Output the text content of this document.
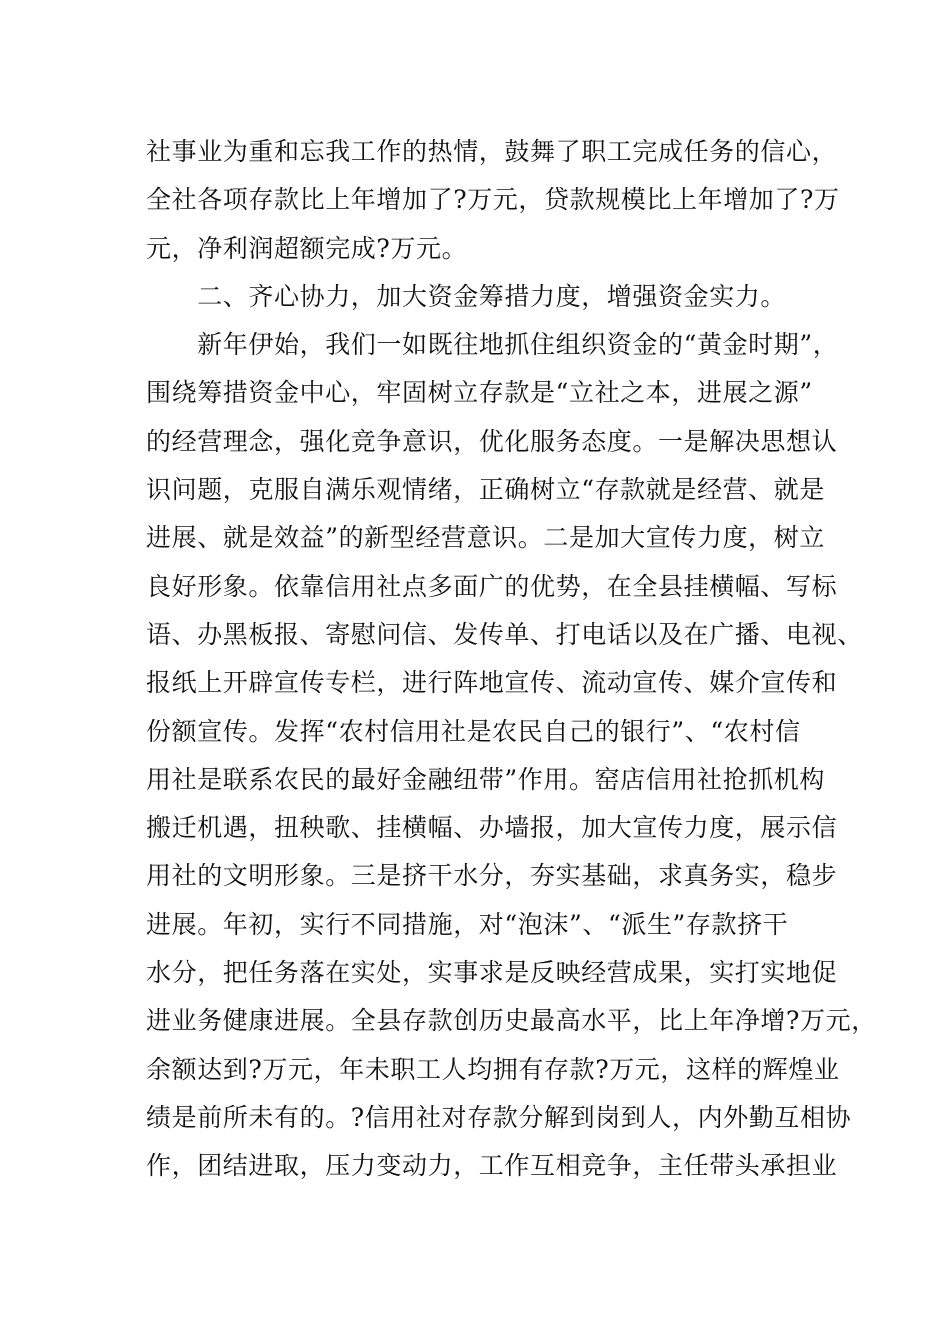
社事业为重和忘我工作的热情，鼓舞了职工完成任务的信心，
全社各项存款比上年增加了?万元，贷款规模比上年增加了?万
元，净利润超额完成?万元。
　　二、齐心协力，加大资金筹措力度，增强资金实力。
　　新年伊始，我们一如既往地抓住组织资金的“黄金时期”，
围绕筹措资金中心，牢固树立存款是“立社之本，进展之源”
的经营理念，强化竞争意识，优化服务态度。一是解决思想认
识问题，克服自满乐观情绪，正确树立“存款就是经营、就是
进展、就是效益”的新型经营意识。二是加大宣传力度，树立
良好形象。依靠信用社点多面广的优势，在全县挂横幅、写标
语、办黑板报、寄慰问信、发传单、打电话以及在广播、电视、
报纸上开辟宣传专栏，进行阵地宣传、流动宣传、媒介宣传和
份额宣传。发挥“农村信用社是农民自己的银行”、“农村信
用社是联系农民的最好金融纽带”作用。窑店信用社抢抓机构
搬迁机遇，扭秧歌、挂横幅、办墙报，加大宣传力度，展示信
用社的文明形象。三是挤干水分，夯实基础，求真务实，稳步
进展。年初，实行不同措施，对“泡沫”、“派生”存款挤干
水分，把任务落在实处，实事求是反映经营成果，实打实地促
进业务健康进展。全县存款创历史最高水平，比上年净增?万元，
余额达到?万元，年未职工人均拥有存款?万元，这样的辉煌业
绩是前所未有的。?信用社对存款分解到岗到人，内外勤互相协
作，团结进取，压力变动力，工作互相竞争，主任带头承担业
